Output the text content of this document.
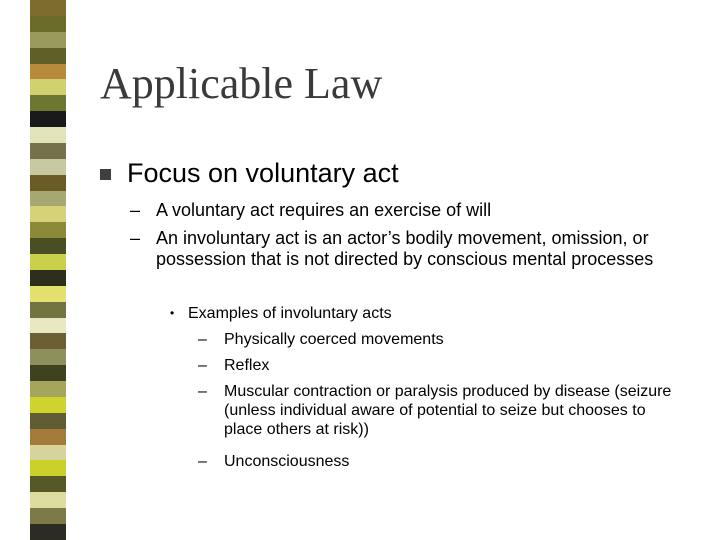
Applicable Law
Focus on voluntary act
– A voluntary act requires an exercise of will
– An involuntary act is an actor’s bodily movement, omission, or possession that is not directed by conscious mental processes
• Examples of involuntary acts
– Physically coerced movements
– Reflex
– Muscular contraction or paralysis produced by disease (seizure (unless individual aware of potential to seize but chooses to place others at risk))
– Unconsciousness
